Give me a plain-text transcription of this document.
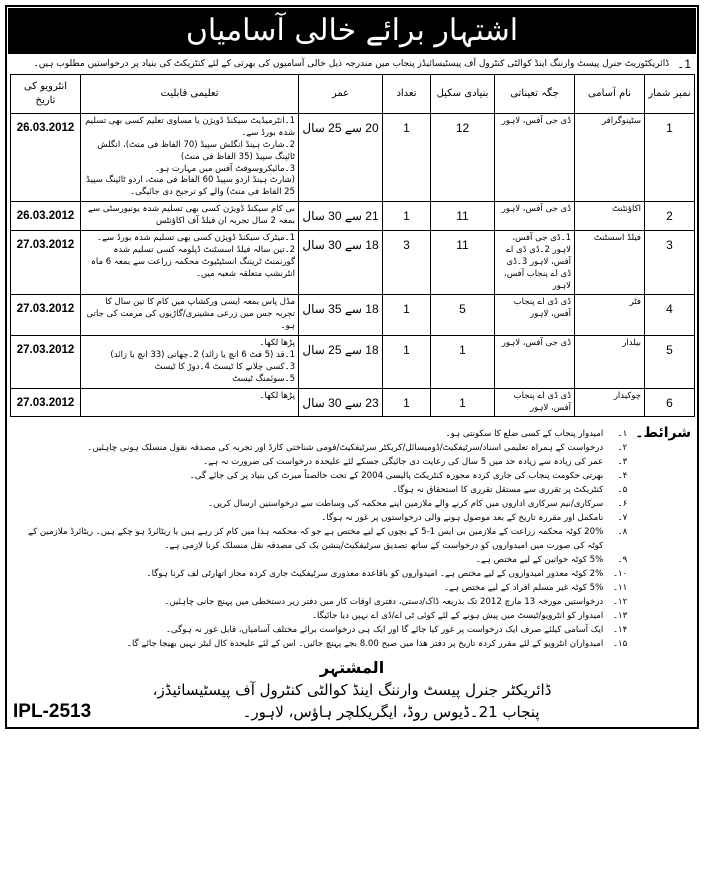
اشتہار برائے خالی آسامیاں
1۔
ڈائریکٹوریٹ جنرل پیسٹ وارننگ اینڈ کوالٹی کنٹرول آف پیسٹیسائیڈز پنجاب میں مندرجہ ذیل خالی آسامیوں کی بھرتی کے لئے کنٹریکٹ کی بنیاد پر درخواستیں مطلوب ہیں۔
نمبر شمار	نام آسامی	جگہ تعیناتی	بنیادی سکیل	تعداد	عمر	تعلیمی قابلیت	انٹرویو کی تاریخ
1	سٹینوگرافر	ڈی جی آفس، لاہور	12	1	20 سے 25 سال	1۔انٹرمیڈیٹ سیکنڈ ڈویژن یا مساوی تعلیم کسی بھی تسلیم شدہ بورڈ سے۔
2۔شارٹ ہینڈ انگلش سپیڈ (70 الفاظ فی منٹ)، انگلش ٹائپنگ سپیڈ (35 الفاظ فی منٹ)
3۔مائیکروسوفٹ آفس میں مہارت ہو۔
(شارٹ ہینڈ اردو سپیڈ 60 الفاظ فی منٹ، اردو ٹائپنگ سپیڈ 25 الفاظ فی منٹ) والے کو ترجیح دی جائیگی۔	26.03.2012
2	اکاؤنٹنٹ	ڈی جی آفس، لاہور	11	1	21 سے 30 سال	بی کام سیکنڈ ڈویژن کسی بھی تسلیم شدہ یونیورسٹی سے بمعہ 2 سال تجربہ ان فیلڈ آف اکاؤنٹس	26.03.2012
3	فیلڈ اسسٹنٹ	1۔ڈی جی آفس، لاہور 2۔ڈی ڈی اے آفس، لاہور 3۔ڈی ڈی اے پنجاب آفس، لاہور	11	3	18 سے 30 سال	1۔میٹرک سیکنڈ ڈویژن کسی بھی تسلیم شدہ بورڈ سے۔
2۔تین سالہ فیلڈ اسسٹنٹ ڈپلومہ کسی تسلیم شدہ گورنمنٹ ٹریننگ انسٹیٹیوٹ محکمہ زراعت سے بمعہ 6 ماہ انٹرنشپ متعلقہ شعبہ میں۔	27.03.2012
4	فٹر	ڈی ڈی اے پنجاب آفس، لاہور	5	1	18 سے 35 سال	مڈل پاس بمعہ ایسی ورکشاپ میں کام کا تین سال کا تجربہ جس میں زرعی مشینری/گاڑیوں کی مرمت کی جاتی ہو۔	27.03.2012
5	بیلدار	ڈی جی آفس، لاہور	1	1	18 سے 25 سال	پڑھا لکھا۔
1۔قد (5 فٹ 6 انچ یا زائد) 2۔چھاتی (33 انچ یا زائد)
3۔کسی چلانے کا ٹیسٹ 4۔دوڑ کا ٹیسٹ
5۔سوئمنگ ٹیسٹ	27.03.2012
6	چوکیدار	ڈی ڈی اے پنجاب آفس، لاہور	1	1	23 سے 30 سال	پڑھا لکھا۔	27.03.2012
شرائط۔
۱۔
امیدوار پنجاب کے کسی ضلع کا سکونتی ہو۔
۲۔
درخواست کے ہمراہ تعلیمی اسناد/سرٹیفکیٹ/ڈومیسائل/کریکٹر سرٹیفکیٹ/قومی شناختی کارڈ اور تجربہ کی مصدقہ نقول منسلک ہونی چاہئیں۔
۳۔
عمر کی زیادہ سے زیادہ حد میں 5 سال کی رعایت دی جائیگی جسکے لئے علیحدہ درخواست کی ضرورت نہ ہے۔
۴۔
بھرتی حکومت پنجاب کی جاری کردہ مجوزہ کنٹریکٹ پالیسی 2004 کے تحت خالصتاً میرٹ کی بنیاد پر کی جائے گی۔
۵۔
کنٹریکٹ پر تقرری سے مستقل تقرری کا استحقاق نہ ہوگا۔
۶۔
سرکاری/نیم سرکاری اداروں میں کام کرنے والے ملازمین اپنے محکمہ کی وساطت سے درخواستیں ارسال کریں۔
۷۔
نامکمل اور مقررہ تاریخ کے بعد موصول ہونے والی درخواستوں پر غور نہ ہوگا۔
۸۔
20% کوٹہ محکمہ زراعت کے ملازمین بی ایس 1-5 کے بچوں کے لیے مختص ہے جو کہ محکمہ ہذا میں کام کر رہے ہیں یا ریٹائرڈ ہو چکے ہیں۔ ریٹائرڈ ملازمین کے کوٹہ کی صورت میں امیدواروں کو درخواست کے ساتھ تصدیق سرٹیفکیٹ/پنشن بک کی مصدقہ نقل منسلک کرنا لازمی ہے۔
۹۔
5% کوٹہ خواتین کے لیے مختص ہے۔
۱۰۔
2% کوٹہ معذور امیدواروں کے لیے مختص ہے۔ امیدواروں کو باقاعدہ معذوری سرٹیفکیٹ جاری کردہ مجاز اتھارٹی لف کرنا ہوگا۔
۱۱۔
5% کوٹہ غیر مسلم افراد کے لیے مختص ہے۔
۱۲۔
درخواستیں مورخہ 13 مارچ 2012 تک بذریعہ ڈاک/دستی، دفتری اوقات کار میں دفتر زیر دستخطی میں پہنچ جانی چاہئیں۔
۱۳۔
امیدوار کو انٹرویو/ٹیسٹ میں پیش ہونے کے لئے کوئی ٹی اے/ڈی اے نہیں دیا جائیگا۔
۱۴۔
ایک آسامی کیلئے صرف ایک درخواست پر غور کیا جائے گا اور ایک ہی درخواست برائے مختلف آسامیاں، قابل غور نہ ہوگی۔
۱۵۔
امیدواران انٹرویو کے لئے مقرر کردہ تاریخ پر دفتر ھذا میں صبح 8.00 بجے پہنچ جائیں۔ اس کے لئے علیحدہ کال لیٹر نہیں بھیجا جائے گا۔
المشتہر
ڈائریکٹر جنرل پیسٹ وارننگ اینڈ کوالٹی کنٹرول آف پیسٹیسائیڈز،
IPL-2513	پنجاب 21۔ڈیوس روڈ، ایگریکلچر ہاؤس، لاہور۔
